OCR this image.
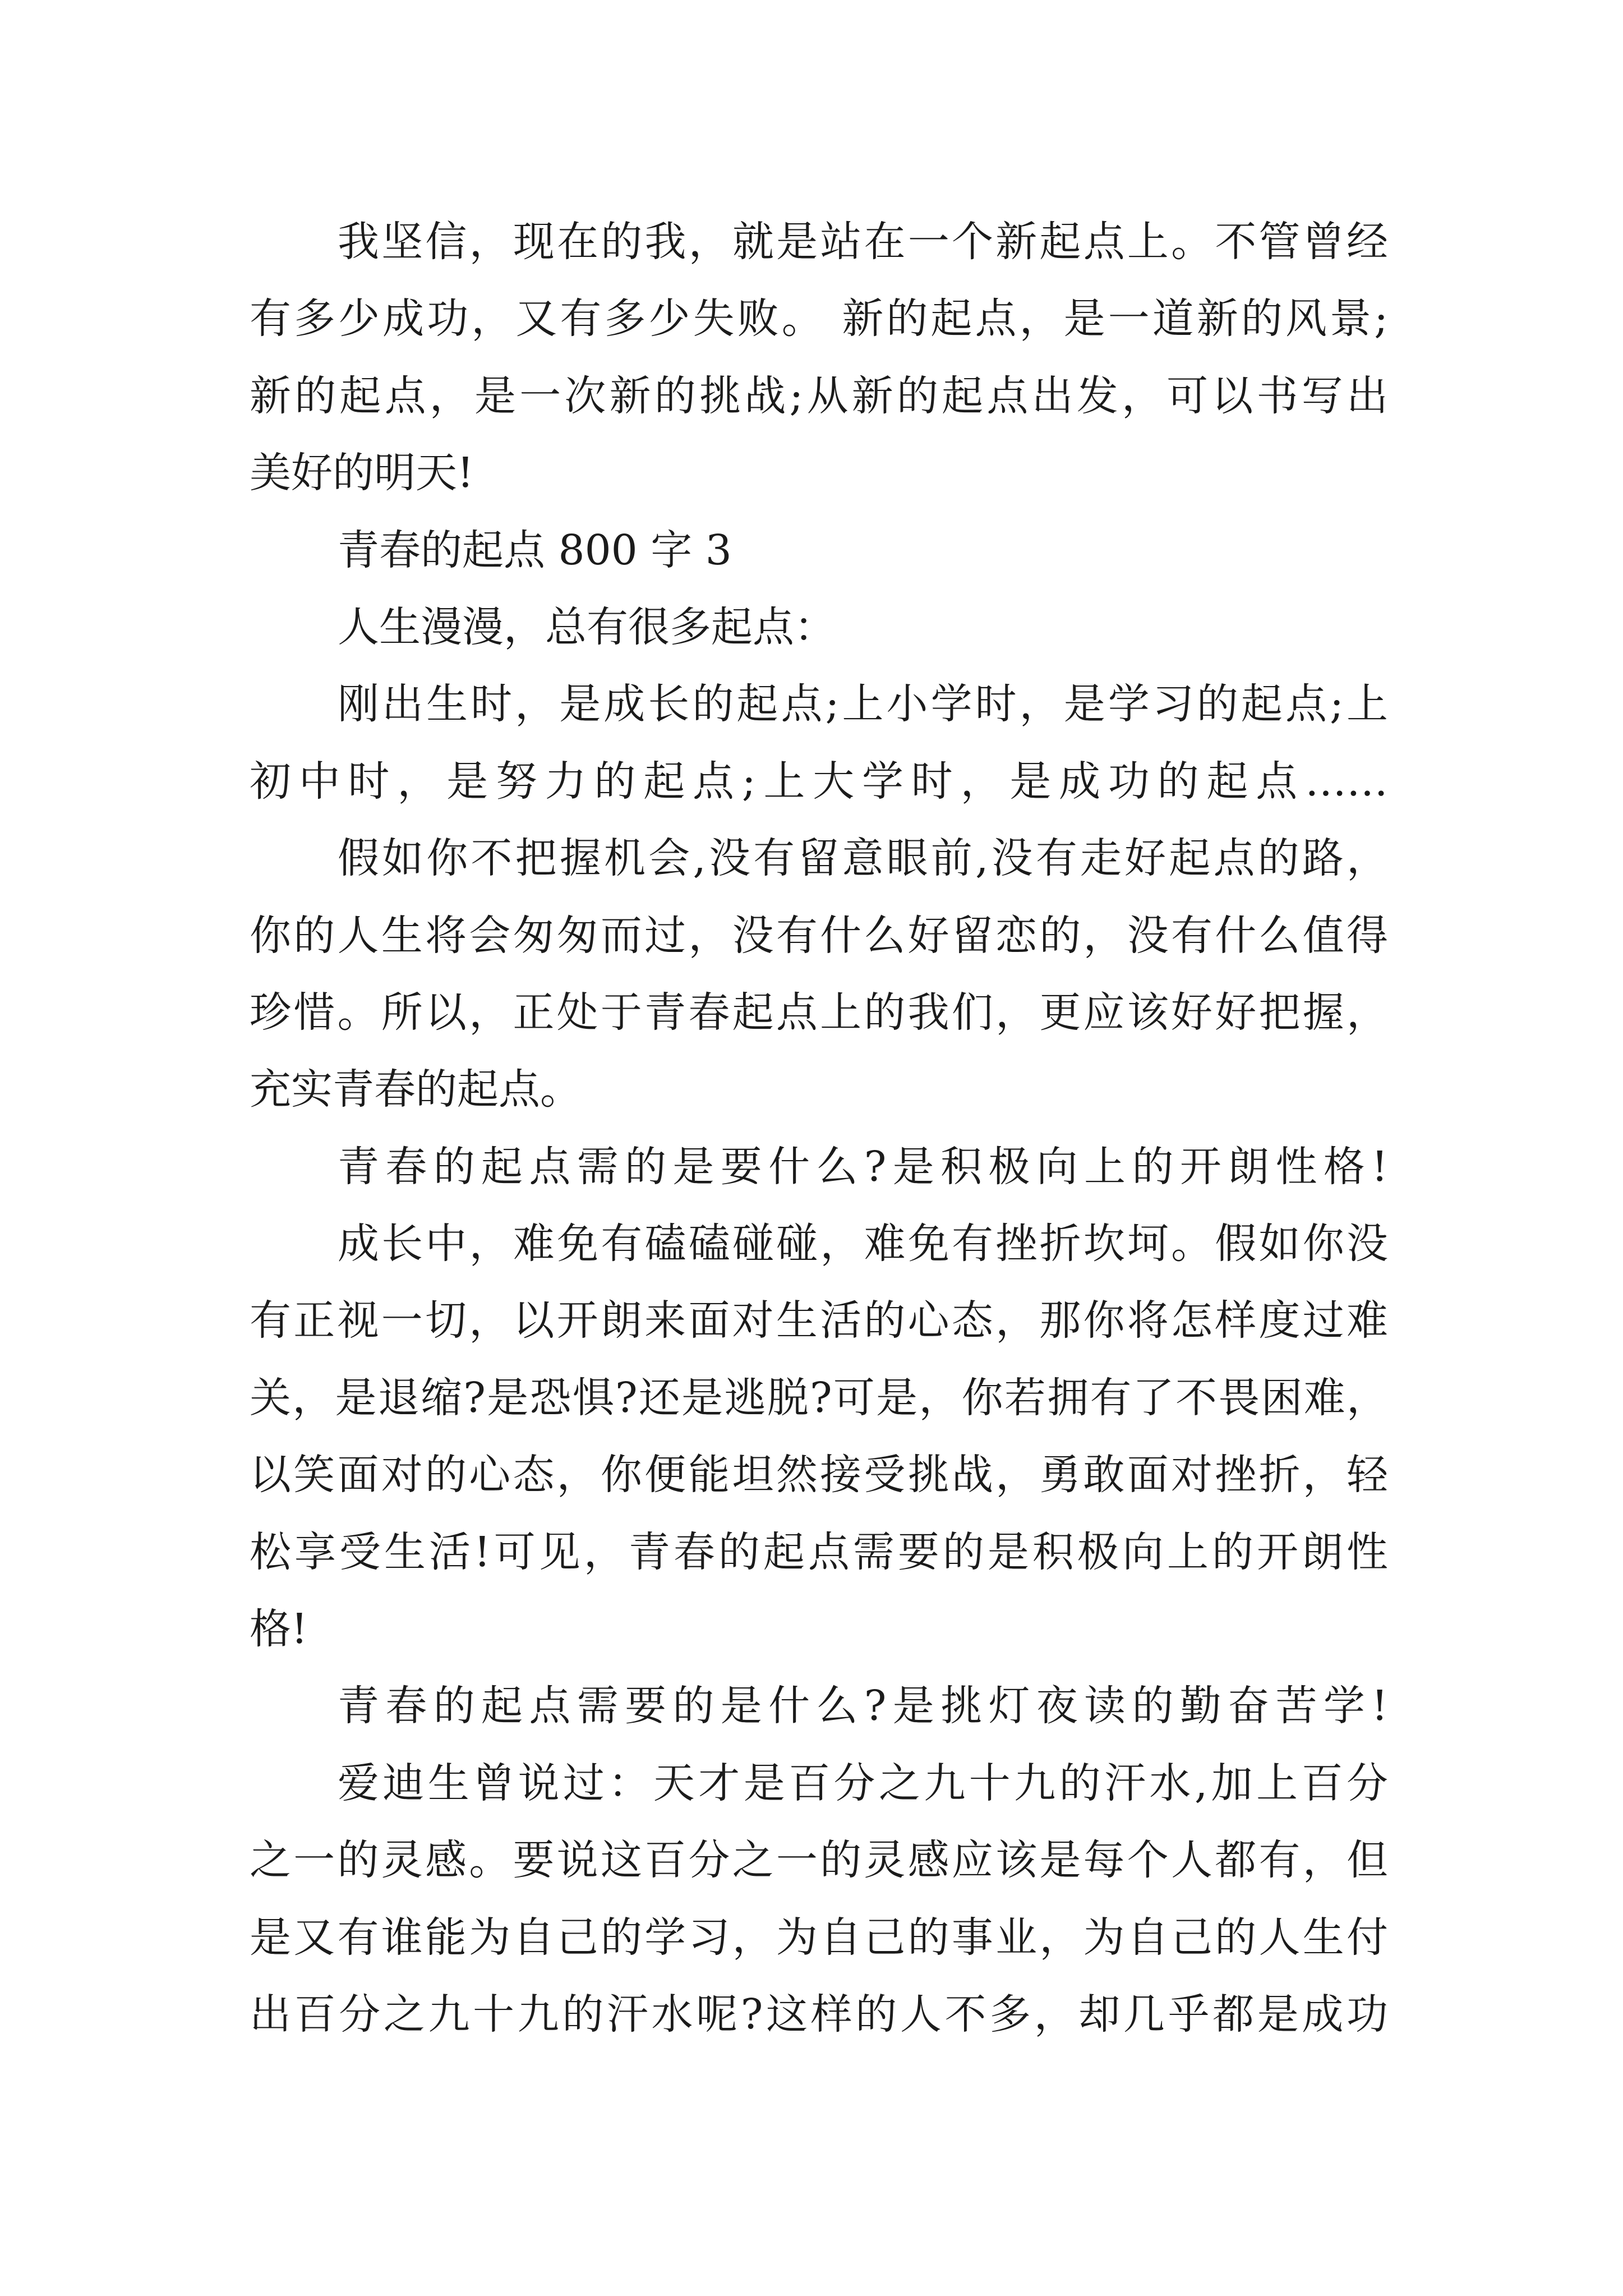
我坚信，现在的我，就是站在一个新起点上。不管曾经
有多少成功，又有多少失败。 新的起点，是一道新的风景;
新的起点，是一次新的挑战;从新的起点出发，可以书写出
美好的明天!
青春的起点 800 字 3
人生漫漫，总有很多起点：
刚出生时，是成长的起点;上小学时，是学习的起点;上
初中时，是努力的起点;上大学时，是成功的起点……
假如你不把握机会,没有留意眼前,没有走好起点的路，
你的人生将会匆匆而过，没有什么好留恋的，没有什么值得
珍惜。所以，正处于青春起点上的我们，更应该好好把握，
充实青春的起点。
青春的起点需的是要什么?是积极向上的开朗性格!
成长中，难免有磕磕碰碰，难免有挫折坎坷。假如你没
有正视一切，以开朗来面对生活的心态，那你将怎样度过难
关，是退缩?是恐惧?还是逃脱?可是，你若拥有了不畏困难，
以笑面对的心态，你便能坦然接受挑战，勇敢面对挫折，轻
松享受生活!可见，青春的起点需要的是积极向上的开朗性
格!
青春的起点需要的是什么?是挑灯夜读的勤奋苦学!
爱迪生曾说过：天才是百分之九十九的汗水,加上百分
之一的灵感。要说这百分之一的灵感应该是每个人都有，但
是又有谁能为自己的学习，为自己的事业，为自己的人生付
出百分之九十九的汗水呢?这样的人不多，却几乎都是成功
